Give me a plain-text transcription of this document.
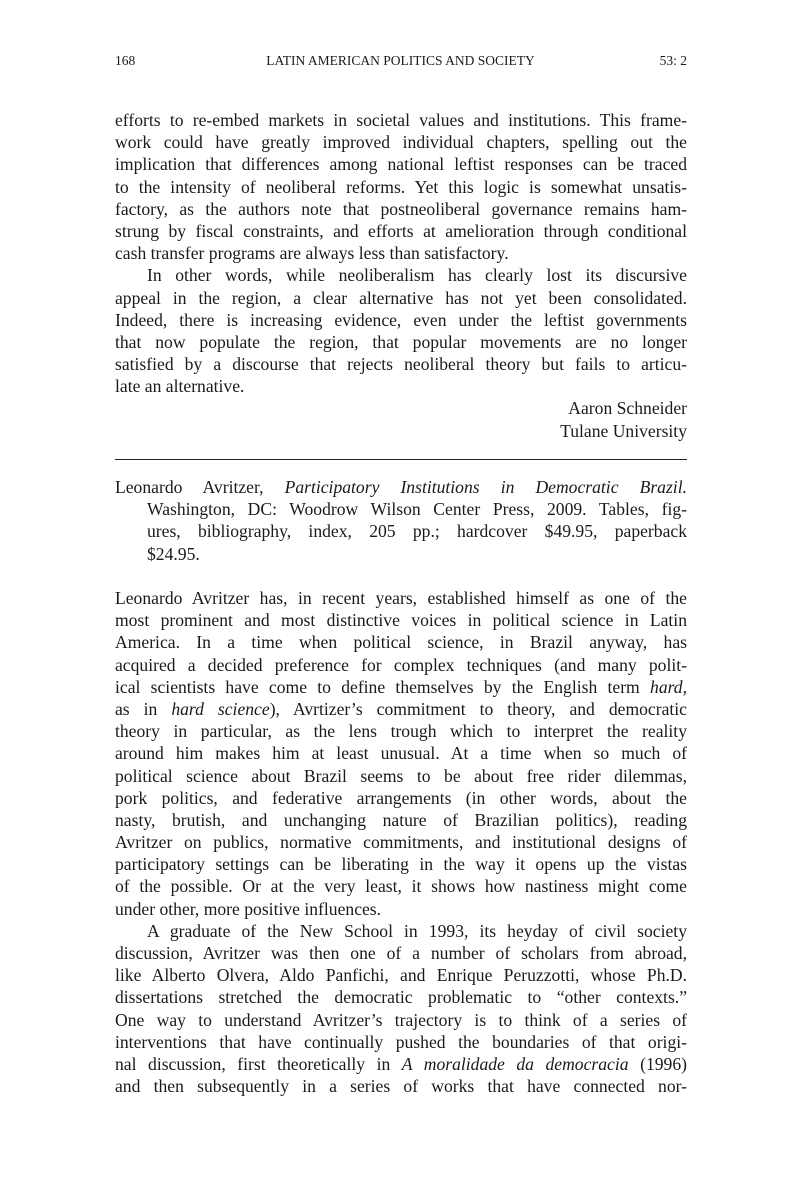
168	LATIN AMERICAN POLITICS AND SOCIETY	53: 2
efforts to re-embed markets in societal values and institutions. This frame-
work could have greatly improved individual chapters, spelling out the
implication that differences among national leftist responses can be traced
to the intensity of neoliberal reforms. Yet this logic is somewhat unsatis-
factory, as the authors note that postneoliberal governance remains ham-
strung by fiscal constraints, and efforts at amelioration through conditional
cash transfer programs are always less than satisfactory.
In other words, while neoliberalism has clearly lost its discursive
appeal in the region, a clear alternative has not yet been consolidated.
Indeed, there is increasing evidence, even under the leftist governments
that now populate the region, that popular movements are no longer
satisfied by a discourse that rejects neoliberal theory but fails to articu-
late an alternative.
Aaron Schneider
Tulane University
Leonardo Avritzer, Participatory Institutions in Democratic Brazil.
Washington, DC: Woodrow Wilson Center Press, 2009. Tables, fig-
ures, bibliography, index, 205 pp.; hardcover $49.95, paperback
$24.95.
Leonardo Avritzer has, in recent years, established himself as one of the
most prominent and most distinctive voices in political science in Latin
America. In a time when political science, in Brazil anyway, has
acquired a decided preference for complex techniques (and many polit-
ical scientists have come to define themselves by the English term hard,
as in hard science), Avrtizer’s commitment to theory, and democratic
theory in particular, as the lens trough which to interpret the reality
around him makes him at least unusual. At a time when so much of
political science about Brazil seems to be about free rider dilemmas,
pork politics, and federative arrangements (in other words, about the
nasty, brutish, and unchanging nature of Brazilian politics), reading
Avritzer on publics, normative commitments, and institutional designs of
participatory settings can be liberating in the way it opens up the vistas
of the possible. Or at the very least, it shows how nastiness might come
under other, more positive influences.
A graduate of the New School in 1993, its heyday of civil society
discussion, Avritzer was then one of a number of scholars from abroad,
like Alberto Olvera, Aldo Panfichi, and Enrique Peruzzotti, whose Ph.D.
dissertations stretched the democratic problematic to “other contexts.”
One way to understand Avritzer’s trajectory is to think of a series of
interventions that have continually pushed the boundaries of that origi-
nal discussion, first theoretically in A moralidade da democracia (1996)
and then subsequently in a series of works that have connected nor-
